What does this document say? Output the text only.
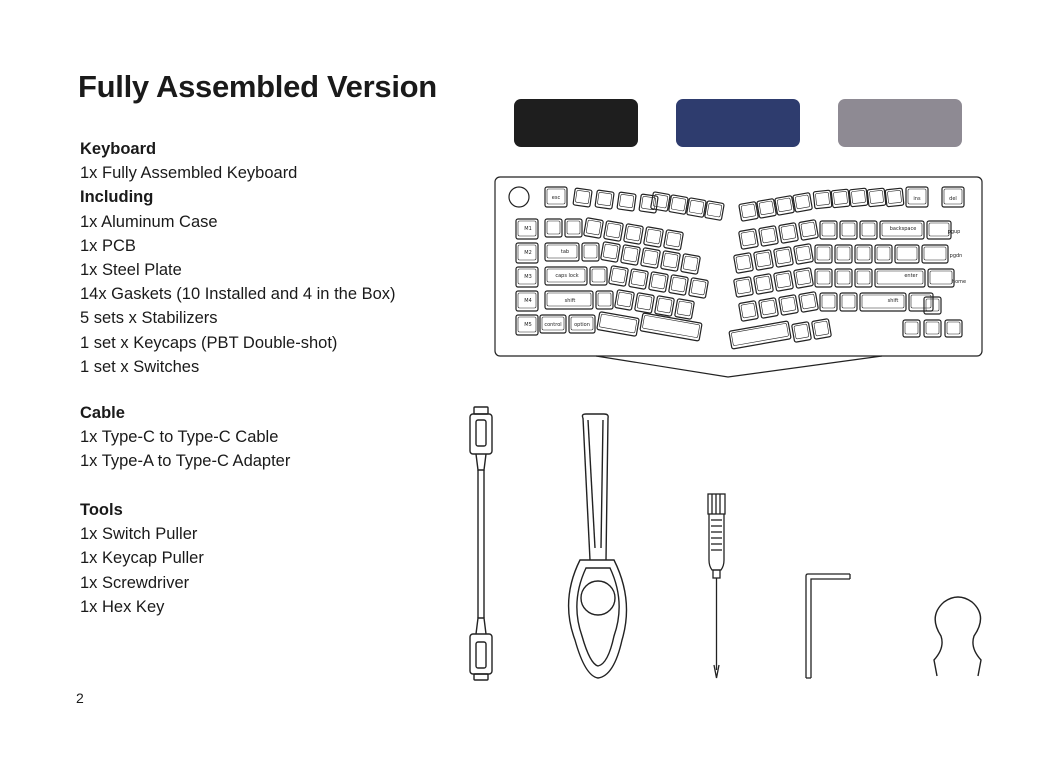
Fully Assembled Version
Keyboard
1x Fully Assembled Keyboard
Including
1x Aluminum Case
1x PCB
1x Steel Plate
14x Gaskets (10 Installed and 4 in the Box)
5 sets x Stabilizers
1 set x Keycaps (PBT Double-shot)
1 set x Switches
Cable
1x Type-C to Type-C Cable
1x Type-A to Type-C Adapter
Tools
1x Switch Puller
1x Keycap Puller
1x Screwdriver
1x Hex Key
2
esc	ins	del
backspace	pgup
pgdn
home
enter
tab
caps lock
shift	shift
control option
M1
M2
M3
M4
M5
